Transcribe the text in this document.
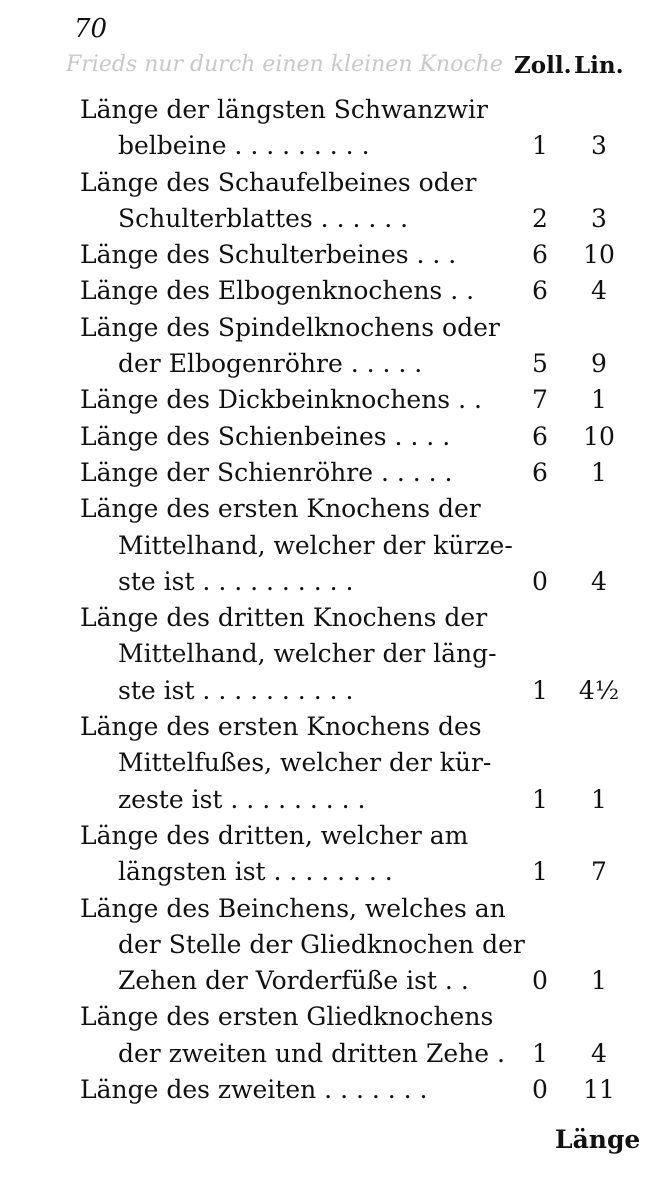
Frieds nur durch einen kleinen Knoche
70
Zoll. Lin.
Länge der längsten Schwanzwir
belbeine . . . . . . . . .	1	3
Länge des Schaufelbeines oder
Schulterblattes . . . . . .	2	3
Länge des Schulterbeines . . .	6	10
Länge des Elbogenknochens . .	6	4
Länge des Spindelknochens oder
der Elbogenröhre . . . . .	5	9
Länge des Dickbeinknochens . .	7	1
Länge des Schienbeines . . . .	6	10
Länge der Schienröhre . . . . .	6	1
Länge des ersten Knochens der
Mittelhand, welcher der kürze-
ste ist . . . . . . . . . .	0	4
Länge des dritten Knochens der
Mittelhand, welcher der läng-
ste ist . . . . . . . . . .	1	4½
Länge des ersten Knochens des
Mittelfußes, welcher der kür-
zeste ist . . . . . . . . .	1	1
Länge des dritten, welcher am
längsten ist . . . . . . . .	1	7
Länge des Beinchens, welches an
der Stelle der Gliedknochen der
Zehen der Vorderfüße ist . .	0	1
Länge des ersten Gliedknochens
der zweiten und dritten Zehe .	1	4
Länge des zweiten . . . . . . .	0	11
Länge
